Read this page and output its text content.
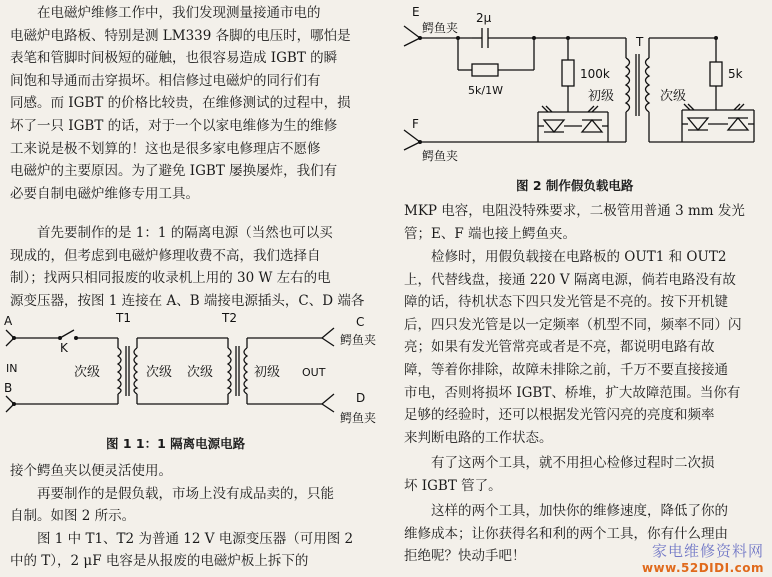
在电磁炉维修工作中，我们发现测量接通市电的
电磁炉电路板、特别是测 LM339 各脚的电压时，哪怕是
表笔和管脚时间极短的碰触，也很容易造成 IGBT 的瞬
间饱和导通而击穿损坏。相信修过电磁炉的同行们有
同感。而 IGBT 的价格比较贵，在维修测试的过程中，损
坏了一只 IGBT 的话，对于一个以家电维修为生的维修
工来说是极不划算的！这也是很多家电修理店不愿修
电磁炉的主要原因。为了避免 IGBT 屡换屡炸，我们有
必要自制电磁炉维修专用工具。
首先要制作的是 1：1 的隔离电源（当然也可以买
现成的，但考虑到电磁炉修理收费不高，我们选择自
制）；找两只相同报废的收录机上用的 30 W 左右的电
源变压器，按图 1 连接在 A、B 端接电源插头，C、D 端各
A
B
IN
K
T1	T2
次级	次级 次级	初级 OUT
C
鳄鱼夹
D
鳄鱼夹
图 1 1：1 隔离电源电路
接个鳄鱼夹以便灵活使用。
再要制作的是假负载，市场上没有成品卖的，只能
自制。如图 2 所示。
图 1 中 T1、T2 为普通 12 V 电源变压器（可用图 2
中的 T），2 μF 电容是从报废的电磁炉板上拆下的
E
鳄鱼夹
2μ
5k/1W
100k
初级
T
次级
5k
F
鳄鱼夹
图 2 制作假负载电路
MKP 电容，电阻没特殊要求，二极管用普通 3 mm 发光
管；E、F 端也接上鳄鱼夹。
检修时，用假负载接在电路板的 OUT1 和 OUT2
上，代替线盘，接通 220 V 隔离电源，倘若电路没有故
障的话，待机状态下四只发光管是不亮的。按下开机键
后，四只发光管是以一定频率（机型不同，频率不同）闪
亮；如果有发光管常亮或者是不亮，都说明电路有故
障，等着你排除，故障未排除之前，千万不要直接接通
市电，否则将损坏 IGBT、桥堆，扩大故障范围。当你有
足够的经验时，还可以根据发光管闪亮的亮度和频率
来判断电路的工作状态。
有了这两个工具，就不用担心检修过程时二次损
坏 IGBT 管了。
这样的两个工具，加快你的维修速度，降低了你的
维修成本；让你获得名和利的两个工具，你有什么理由
拒绝呢？快动手吧！	家电维修资料网
www.52DIDI.com
